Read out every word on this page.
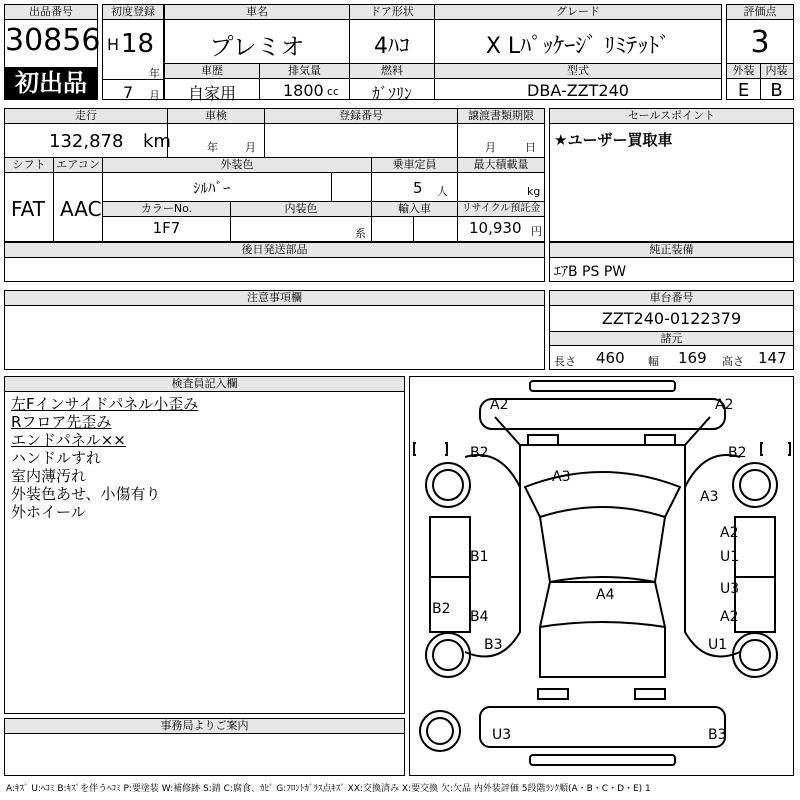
出品番号
30856
初出品
初度登録
H 18
年
7 月
車名
プレミオ
ドア形状
4ﾊｺ
グレード
X Lﾊﾟｯｹｰｼﾞ ﾘﾐﾃｯﾄﾞ
車歴
自家用
排気量
1800 cc
燃料
ｶﾞｿﾘﾝ
型式
DBA-ZZT240
評価点
3
外装	内装
E	B
走行
132,878 km
車検
年 月
登録番号	譲渡書類期限
月	日
シフト
FAT
エアコン
AAC
外装色
ｼﾙﾊﾞｰ
乗車定員
5 人
最大積載量
kg
カラーNo.
1F7
内装色
系
輸入車	リサイクル預託金
10,930 円
後日発送部品
注意事項欄
セールスポイント
★ユーザー買取車
純正装備
ｴｱB PS PW
車台番号
ZZT240-0122379
諸元
長さ 460 幅 169 高さ 147
検査員記入欄
左Fインサイドパネル小歪み
Rフロア先歪み
エンドパネル××
ハンドルすれ
室内薄汚れ
外装色あせ、小傷有り
外ホイール
事務局よりご案内
A2	A2
B2	B2
A3
A3
A2
B1	U1
A4	U3
B2 B4	A2
B3	U1
U3	B3
A:ｷｽﾞ U:ﾍｺﾐ B:ｷｽﾞを伴うﾍｺﾐ P:要塗装 W:補修跡 S:錆 C:腐食、ｶﾋﾞ G:ﾌﾛﾝﾄｶﾞﾗｽ点ｷｽﾞ XX:交換済み X:要交換 欠:欠品 内外装評価 5段階ﾗﾝｸ順(A・B・C・D・E) 1
